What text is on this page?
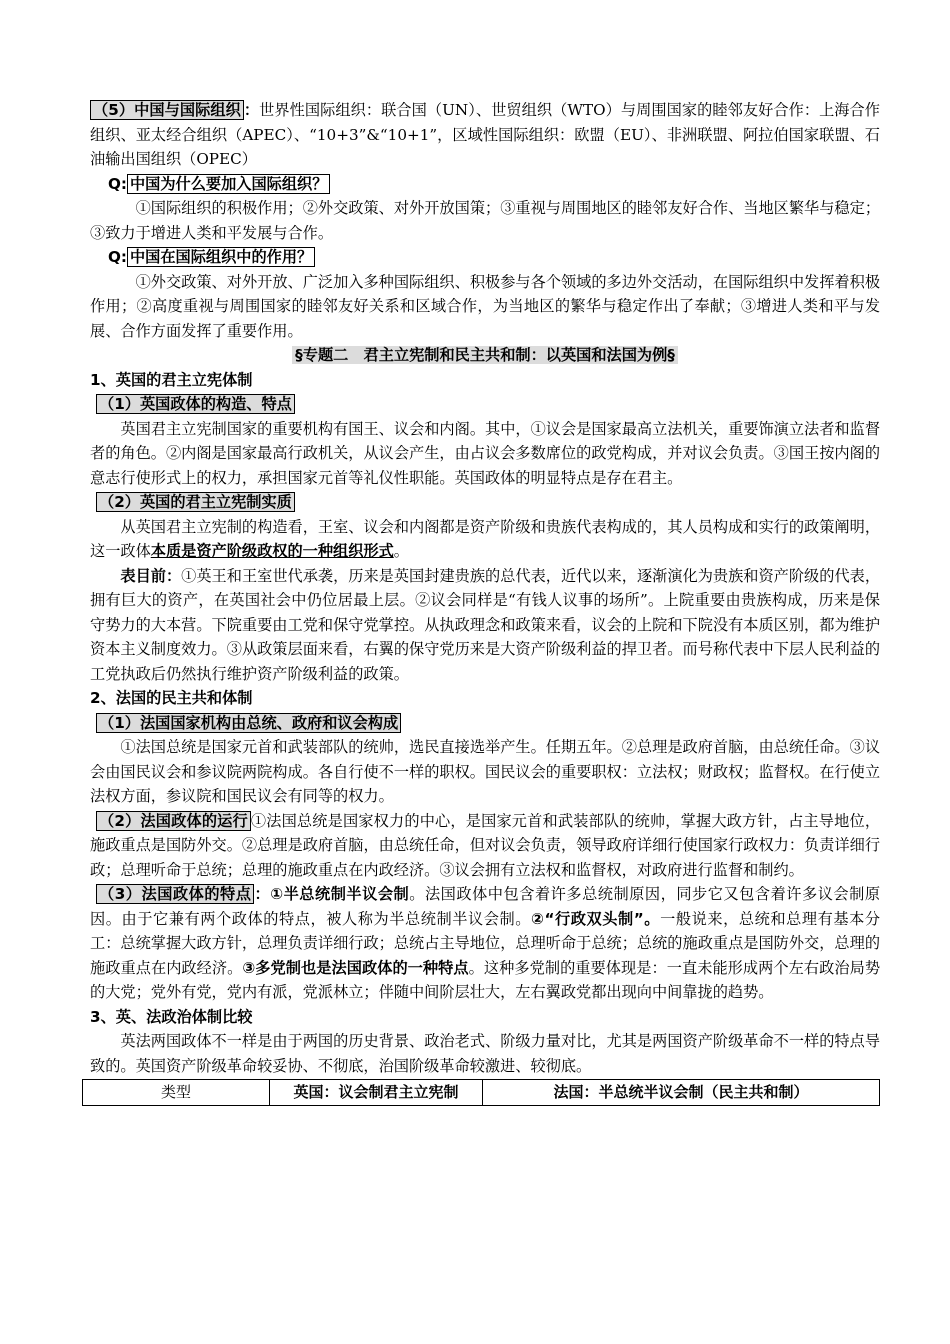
（5）中国与国际组织 ：世界性国际组织：联合国（UN）、世贸组织（WTO）与周围国家的睦邻友好合作：上海合作组织、亚太经合组织（APEC）、“10+3”&“10+1”，区域性国际组织：欧盟（EU）、非洲联盟、阿拉伯国家联盟、石油输出国组织（OPEC）

Q: 中国为什么要加入国际组织？

①国际组织的积极作用；②外交政策、对外开放国策；③重视与周围地区的睦邻友好合作、当地区繁华与稳定；③致力于增进人类和平发展与合作。

Q: 中国在国际组织中的作用？

①外交政策、对外开放、广泛加入多种国际组织、积极参与各个领域的多边外交活动，在国际组织中发挥着积极作用；②高度重视与周围国家的睦邻友好关系和区域合作，为当地区的繁华与稳定作出了奉献；③增进人类和平与发展、合作方面发挥了重要作用。

§专题二　君主立宪制和民主共和制：以英国和法国为例§

1、英国的君主立宪体制

（1）英国政体的构造、特点

英国君主立宪制国家的重要机构有国王、议会和内阁。其中，①议会是国家最高立法机关，重要饰演立法者和监督者的角色。②内阁是国家最高行政机关，从议会产生，由占议会多数席位的政党构成，并对议会负责。③国王按内阁的意志行使形式上的权力，承担国家元首等礼仪性职能。英国政体的明显特点是存在君主。

（2）英国的君主立宪制实质

从英国君主立宪制的构造看，王室、议会和内阁都是资产阶级和贵族代表构成的，其人员构成和实行的政策阐明，这一政体本质是资产阶级政权的一种组织形式。

表目前：①英王和王室世代承袭，历来是英国封建贵族的总代表，近代以来，逐渐演化为贵族和资产阶级的代表，拥有巨大的资产，在英国社会中仍位居最上层。②议会同样是“有钱人议事的场所”。上院重要由贵族构成，历来是保守势力的大本营。下院重要由工党和保守党掌控。从执政理念和政策来看，议会的上院和下院没有本质区别，都为维护资本主义制度效力。③从政策层面来看，右翼的保守党历来是大资产阶级利益的捍卫者。而号称代表中下层人民利益的工党执政后仍然执行维护资产阶级利益的政策。

2、法国的民主共和体制

（1）法国国家机构由总统、政府和议会构成

①法国总统是国家元首和武装部队的统帅，选民直接选举产生。任期五年。②总理是政府首脑，由总统任命。③议会由国民议会和参议院两院构成。各自行使不一样的职权。国民议会的重要职权：立法权；财政权；监督权。在行使立法权方面，参议院和国民议会有同等的权力。

（2）法国政体的运行 ①法国总统是国家权力的中心，是国家元首和武装部队的统帅，掌握大政方针，占主导地位，施政重点是国防外交。②总理是政府首脑，由总统任命，但对议会负责，领导政府详细行使国家行政权力：负责详细行政；总理听命于总统；总理的施政重点在内政经济。③议会拥有立法权和监督权，对政府进行监督和制约。

（3）法国政体的特点 ：①半总统制半议会制。法国政体中包含着许多总统制原因，同步它又包含着许多议会制原因。由于它兼有两个政体的特点，被人称为半总统制半议会制。②“行政双头制”。一般说来，总统和总理有基本分工：总统掌握大政方针，总理负责详细行政；总统占主导地位，总理听命于总统；总统的施政重点是国防外交，总理的施政重点在内政经济。③多党制也是法国政体的一种特点。这种多党制的重要体现是：一直未能形成两个左右政治局势的大党；党外有党，党内有派，党派林立；伴随中间阶层壮大，左右翼政党都出现向中间靠拢的趋势。

3、英、法政治体制比较

英法两国政体不一样是由于两国的历史背景、政治老式、阶级力量对比，尤其是两国资产阶级革命不一样的特点导致的。英国资产阶级革命较妥协、不彻底，治国阶级革命较激进、较彻底。

类型	英国：议会制君主立宪制	法国：半总统半议会制（民主共和制）
